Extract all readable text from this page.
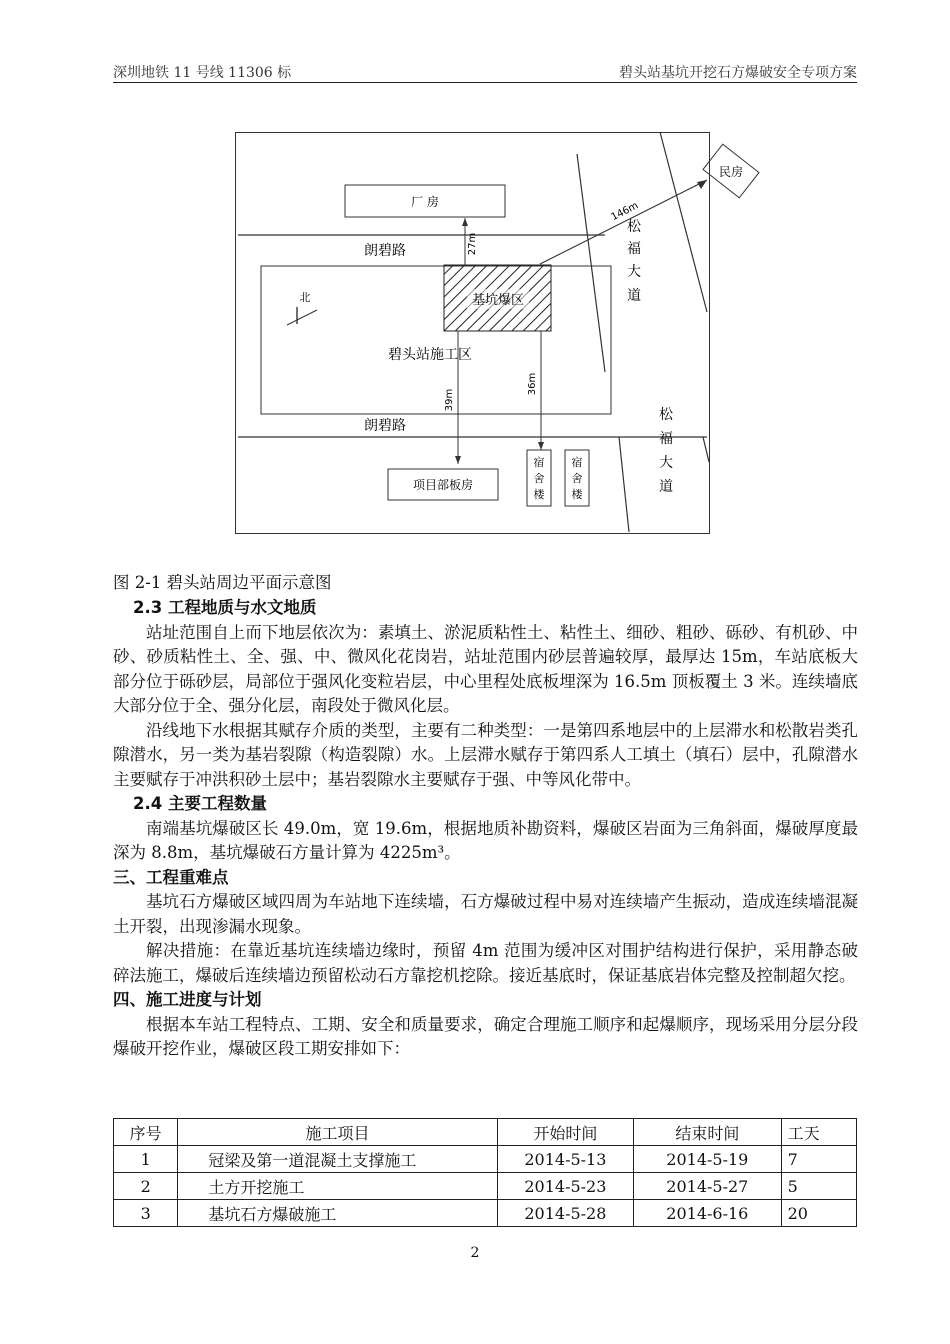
深圳地铁 11 号线 11306 标	碧头站基坑开挖石方爆破安全专项方案
厂 房
朗碧路
基坑爆区
北
碧头站施工区
朗碧路
民房
146m
松
福
大
道
松
福
大
道
27m
39m
36m
项目部板房
宿
舍
楼
宿
舍
楼
图 2-1 碧头站周边平面示意图

2.3 工程地质与水文地质

站址范围自上而下地层依次为：素填土、淤泥质粘性土、粘性土、细砂、粗砂、砾砂、有机砂、中砂、砂质粘性土、全、强、中、微风化花岗岩，站址范围内砂层普遍较厚，最厚达 15m，车站底板大部分位于砾砂层，局部位于强风化变粒岩层，中心里程处底板埋深为 16.5m 顶板覆土 3 米。连续墙底大部分位于全、强分化层，南段处于微风化层。

沿线地下水根据其赋存介质的类型，主要有二种类型：一是第四系地层中的上层滞水和松散岩类孔隙潜水，另一类为基岩裂隙（构造裂隙）水。上层滞水赋存于第四系人工填土（填石）层中，孔隙潜水主要赋存于冲洪积砂土层中；基岩裂隙水主要赋存于强、中等风化带中。

2.4 主要工程数量

南端基坑爆破区长 49.0m，宽 19.6m，根据地质补勘资料，爆破区岩面为三角斜面，爆破厚度最深为 8.8m，基坑爆破石方量计算为 4225m³。

三、工程重难点

基坑石方爆破区域四周为车站地下连续墙，石方爆破过程中易对连续墙产生振动，造成连续墙混凝土开裂，出现渗漏水现象。

解决措施：在靠近基坑连续墙边缘时，预留 4m 范围为缓冲区对围护结构进行保护，采用静态破碎法施工，爆破后连续墙边预留松动石方靠挖机挖除。接近基底时，保证基底岩体完整及控制超欠挖。

四、施工进度与计划

根据本车站工程特点、工期、安全和质量要求，确定合理施工顺序和起爆顺序，现场采用分层分段爆破开挖作业，爆破区段工期安排如下：

序号	施工项目	开始时间	结束时间	工天
1	冠梁及第一道混凝土支撑施工	2014-5-13	2014-5-19	7
2	土方开挖施工	2014-5-23	2014-5-27	5
3	基坑石方爆破施工	2014-5-28	2014-6-16	20
2
